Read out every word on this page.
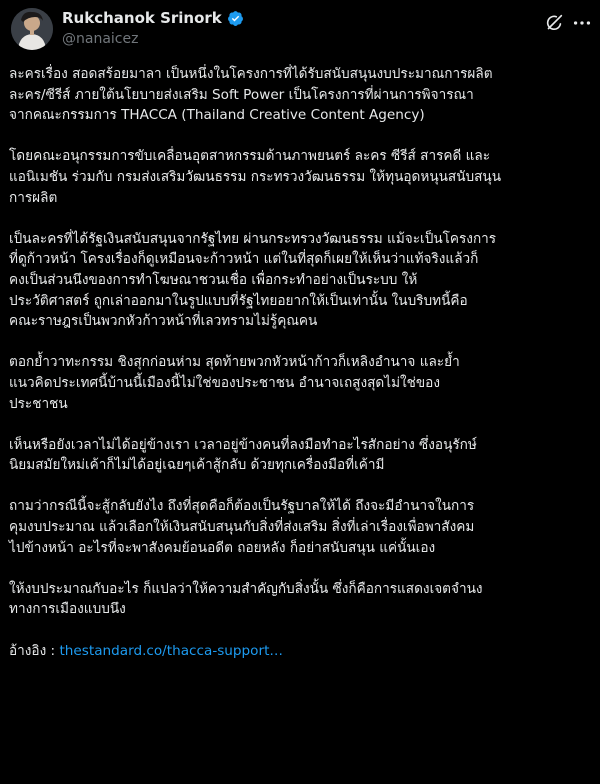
Rukchanok Srinork
@nanaicez

ละครเรื่อง สอดสร้อยมาลา เป็นหนึ่งในโครงการที่ได้รับสนับสนุนงบประมาณการผลิต
ละคร/ซีรีส์ ภายใต้นโยบายส่งเสริม Soft Power เป็นโครงการที่ผ่านการพิจารณา
จากคณะกรรมการ THACCA (Thailand Creative Content Agency)

โดยคณะอนุกรรมการขับเคลื่อนอุตสาหกรรมด้านภาพยนตร์ ละคร ซีรีส์ สารคดี และ
แอนิเมชัน ร่วมกับ กรมส่งเสริมวัฒนธรรม กระทรวงวัฒนธรรม ให้ทุนอุดหนุนสนับสนุน
การผลิต

เป็นละครที่ได้รัฐเงินสนับสนุนจากรัฐไทย ผ่านกระทรวงวัฒนธรรม แม้จะเป็นโครงการ
ที่ดูก้าวหน้า โครงเรื่องก็ดูเหมือนจะก้าวหน้า แต่ในที่สุดก็เผยให้เห็นว่าแท้จริงแล้วก็
คงเป็นส่วนนึงของการทำโฆษณาชวนเชื่อ เพื่อกระทำอย่างเป็นระบบ ให้
ประวัติศาสตร์ ถูกเล่าออกมาในรูปแบบที่รัฐไทยอยากให้เป็นเท่านั้น ในบริบทนี้คือ
คณะราษฎรเป็นพวกหัวก้าวหน้าที่เลวทรามไม่รู้คุณคน

ตอกย้ำวาทะกรรม ชิงสุกก่อนห่าม สุดท้ายพวกหัวหน้าก้าวก็เหลิงอำนาจ และย้ำ
แนวคิดประเทศนี้บ้านนี้เมืองนี้ไม่ใช่ของประชาชน อำนาจเถสูงสุดไม่ใช่ของ
ประชาชน

เห็นหรือยังเวลาไม่ได้อยู่ข้างเรา เวลาอยู่ข้างคนที่ลงมือทำอะไรสักอย่าง ซึ่งอนุรักษ์
นิยมสมัยใหม่เค้าก็ไม่ได้อยู่เฉยๆเค้าสู้กลับ ด้วยทุกเครื่องมือที่เค้ามี

ถามว่ากรณีนี้จะสู้กลับยังไง ถึงที่สุดคือก็ต้องเป็นรัฐบาลให้ได้ ถึงจะมีอำนาจในการ
คุมงบประมาณ แล้วเลือกให้เงินสนับสนุนกับสิ่งที่ส่งเสริม สิ่งที่เล่าเรื่องเพื่อพาสังคม
ไปข้างหน้า อะไรที่จะพาสังคมย้อนอดีต ถอยหลัง ก็อย่าสนับสนุน แค่นั้นเอง

ให้งบประมาณกับอะไร ก็แปลว่าให้ความสำคัญกับสิ่งนั้น ซึ่งก็คือการแสดงเจตจำนง
ทางการเมืองแบบนึง

อ้างอิง : thestandard.co/thacca-support…
